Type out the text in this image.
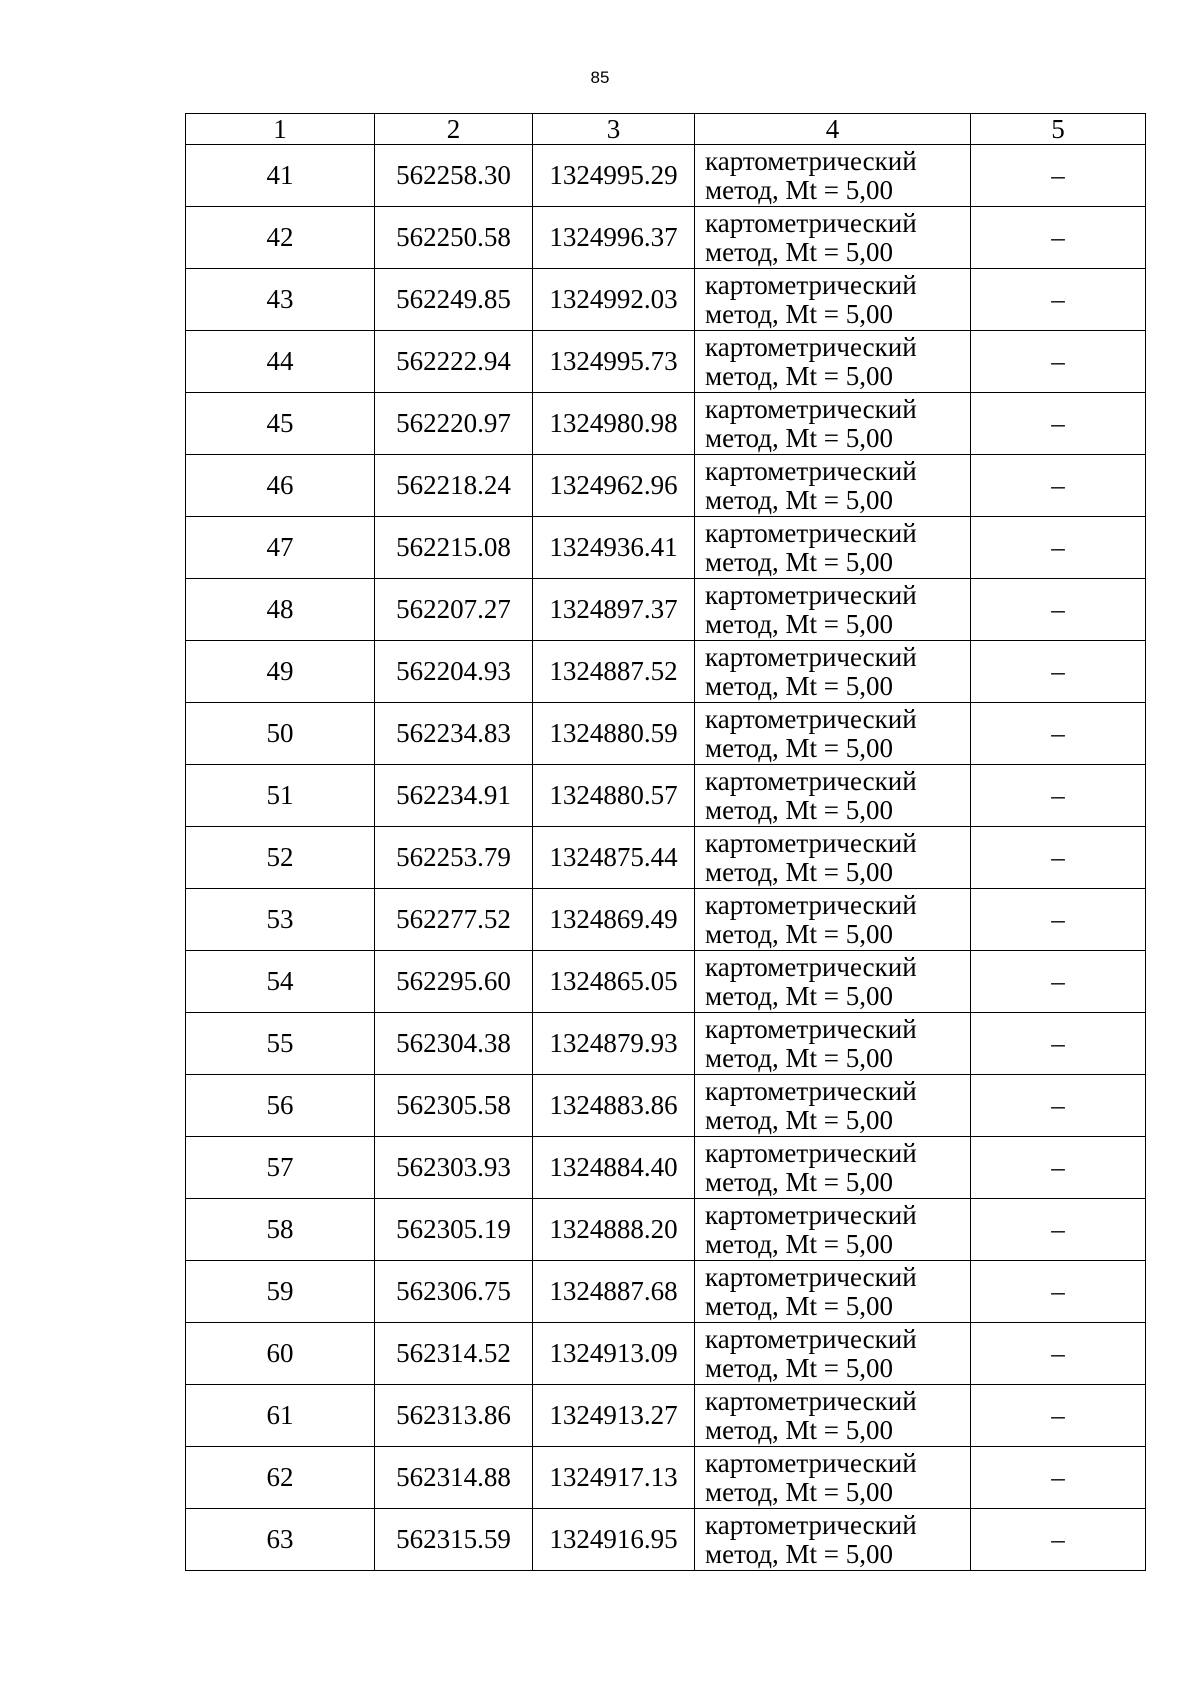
85
1	2	3	4	5
41	562258.30	1324995.29	картометрический
метод, Mt = 5,00	–
42	562250.58	1324996.37	картометрический
метод, Mt = 5,00	–
43	562249.85	1324992.03	картометрический
метод, Mt = 5,00	–
44	562222.94	1324995.73	картометрический
метод, Mt = 5,00	–
45	562220.97	1324980.98	картометрический
метод, Mt = 5,00	–
46	562218.24	1324962.96	картометрический
метод, Mt = 5,00	–
47	562215.08	1324936.41	картометрический
метод, Mt = 5,00	–
48	562207.27	1324897.37	картометрический
метод, Mt = 5,00	–
49	562204.93	1324887.52	картометрический
метод, Mt = 5,00	–
50	562234.83	1324880.59	картометрический
метод, Mt = 5,00	–
51	562234.91	1324880.57	картометрический
метод, Mt = 5,00	–
52	562253.79	1324875.44	картометрический
метод, Mt = 5,00	–
53	562277.52	1324869.49	картометрический
метод, Mt = 5,00	–
54	562295.60	1324865.05	картометрический
метод, Mt = 5,00	–
55	562304.38	1324879.93	картометрический
метод, Mt = 5,00	–
56	562305.58	1324883.86	картометрический
метод, Mt = 5,00	–
57	562303.93	1324884.40	картометрический
метод, Mt = 5,00	–
58	562305.19	1324888.20	картометрический
метод, Mt = 5,00	–
59	562306.75	1324887.68	картометрический
метод, Mt = 5,00	–
60	562314.52	1324913.09	картометрический
метод, Mt = 5,00	–
61	562313.86	1324913.27	картометрический
метод, Mt = 5,00	–
62	562314.88	1324917.13	картометрический
метод, Mt = 5,00	–
63	562315.59	1324916.95	картометрический
метод, Mt = 5,00	–
